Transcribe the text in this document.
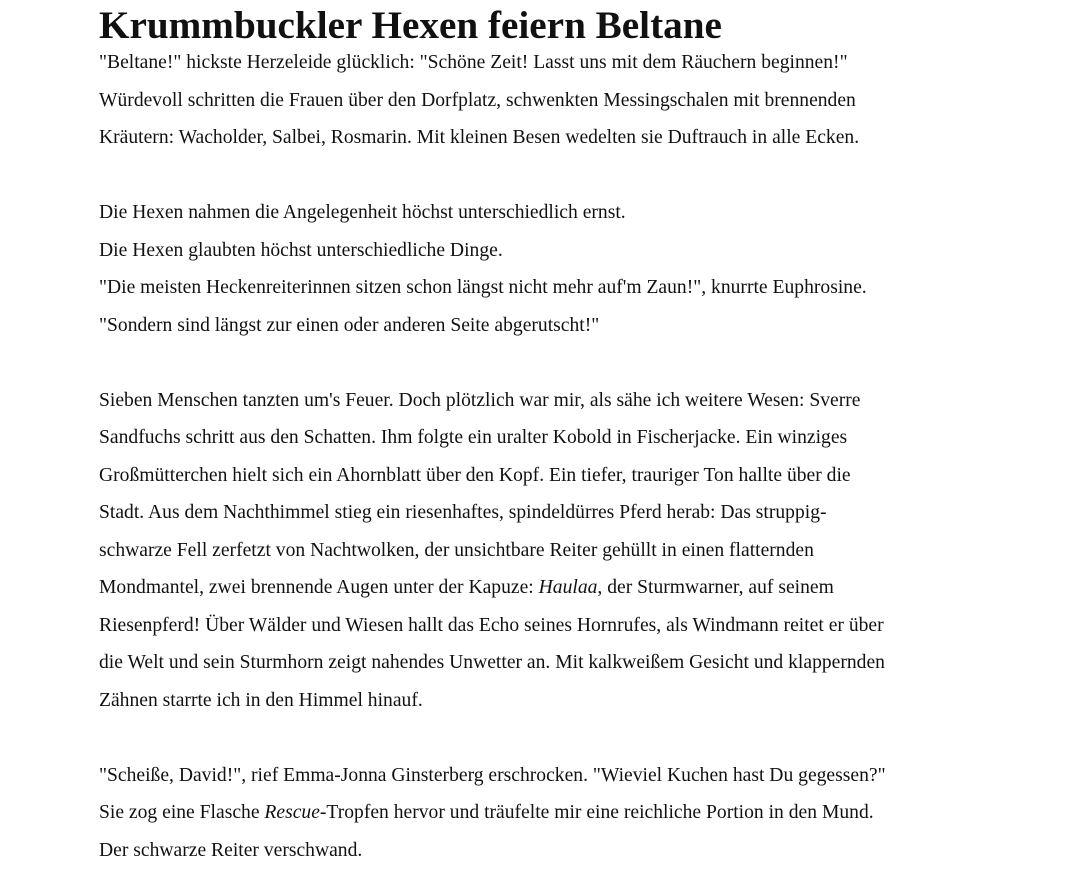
Krummbuckler Hexen feiern Beltane
"Beltane!" hickste Herzeleide glücklich: "Schöne Zeit! Lasst uns mit dem Räuchern beginnen!"
Würdevoll schritten die Frauen über den Dorfplatz, schwenkten Messingschalen mit brennenden
Kräutern: Wacholder, Salbei, Rosmarin. Mit kleinen Besen wedelten sie Duftrauch in alle Ecken.
Die Hexen nahmen die Angelegenheit höchst unterschiedlich ernst.
Die Hexen glaubten höchst unterschiedliche Dinge.
"Die meisten Heckenreiterinnen sitzen schon längst nicht mehr auf'm Zaun!", knurrte Euphrosine.
"Sondern sind längst zur einen oder anderen Seite abgerutscht!"
Sieben Menschen tanzten um's Feuer. Doch plötzlich war mir, als sähe ich weitere Wesen: Sverre
Sandfuchs schritt aus den Schatten. Ihm folgte ein uralter Kobold in Fischerjacke. Ein winziges
Großmütterchen hielt sich ein Ahornblatt über den Kopf. Ein tiefer, trauriger Ton hallte über die
Stadt. Aus dem Nachthimmel stieg ein riesenhaftes, spindeldürres Pferd herab: Das struppig-
schwarze Fell zerfetzt von Nachtwolken, der unsichtbare Reiter gehüllt in einen flatternden
Mondmantel, zwei brennende Augen unter der Kapuze: Haulaa, der Sturmwarner, auf seinem
Riesenpferd! Über Wälder und Wiesen hallt das Echo seines Hornrufes, als Windmann reitet er über
die Welt und sein Sturmhorn zeigt nahendes Unwetter an. Mit kalkweißem Gesicht und klappernden
Zähnen starrte ich in den Himmel hinauf.
"Scheiße, David!", rief Emma-Jonna Ginsterberg erschrocken. "Wieviel Kuchen hast Du gegessen?"
Sie zog eine Flasche Rescue-Tropfen hervor und träufelte mir eine reichliche Portion in den Mund.
Der schwarze Reiter verschwand.
